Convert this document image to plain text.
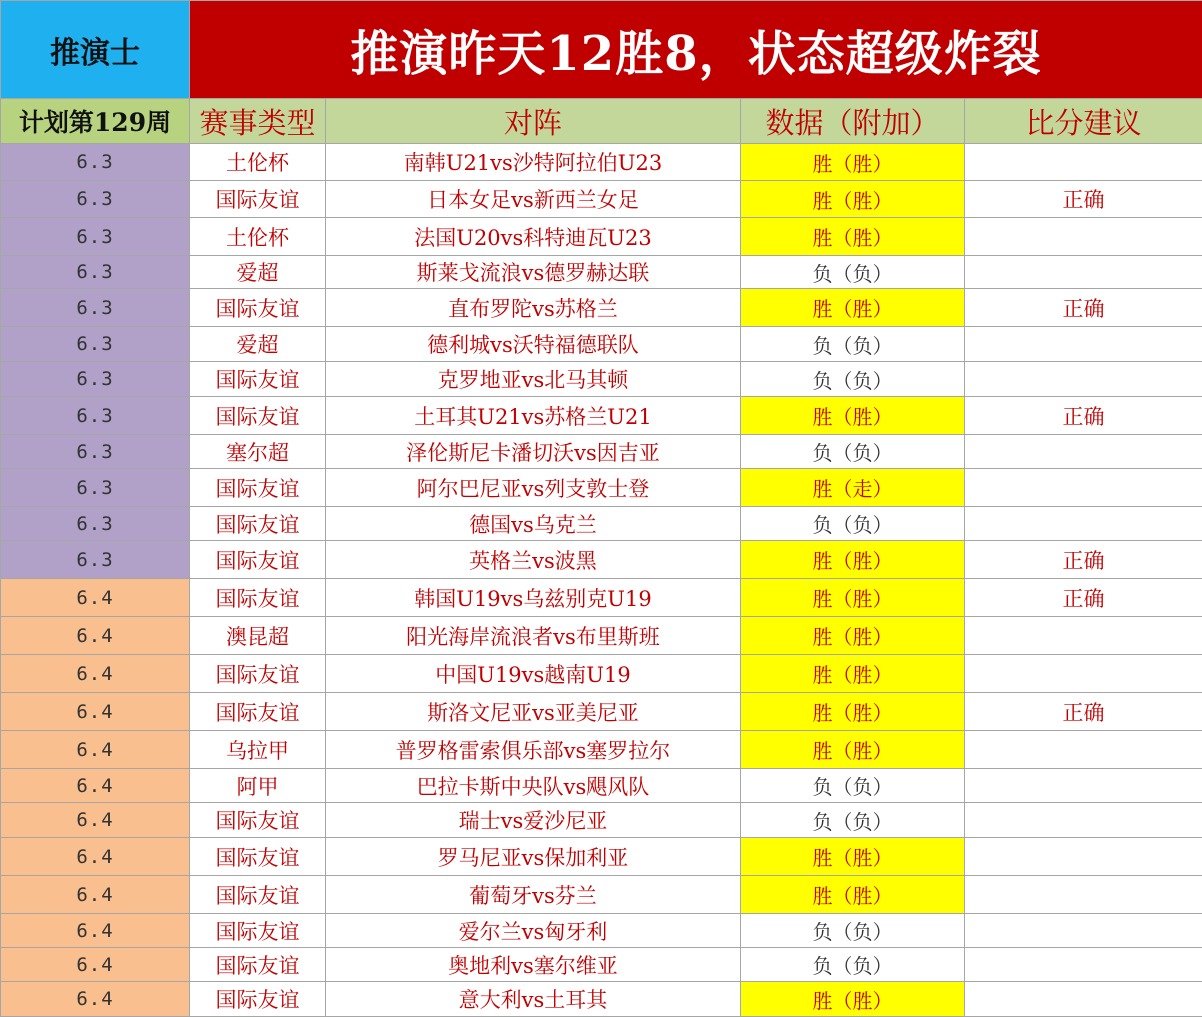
推演士	推演昨天12胜8，状态超级炸裂			
计划第129周	赛事类型	对阵	数据（附加）	比分建议
6.3	土伦杯	南韩U21vs沙特阿拉伯U23	胜（胜）	
6.3	国际友谊	日本女足vs新西兰女足	胜（胜）	正确
6.3	土伦杯	法国U20vs科特迪瓦U23	胜（胜）	
6.3	爱超	斯莱戈流浪vs德罗赫达联	负（负）	
6.3	国际友谊	直布罗陀vs苏格兰	胜（胜）	正确
6.3	爱超	德利城vs沃特福德联队	负（负）	
6.3	国际友谊	克罗地亚vs北马其顿	负（负）	
6.3	国际友谊	土耳其U21vs苏格兰U21	胜（胜）	正确
6.3	塞尔超	泽伦斯尼卡潘切沃vs因吉亚	负（负）	
6.3	国际友谊	阿尔巴尼亚vs列支敦士登	胜（走）	
6.3	国际友谊	德国vs乌克兰	负（负）	
6.3	国际友谊	英格兰vs波黑	胜（胜）	正确
6.4	国际友谊	韩国U19vs乌兹别克U19	胜（胜）	正确
6.4	澳昆超	阳光海岸流浪者vs布里斯班	胜（胜）	
6.4	国际友谊	中国U19vs越南U19	胜（胜）	
6.4	国际友谊	斯洛文尼亚vs亚美尼亚	胜（胜）	正确
6.4	乌拉甲	普罗格雷索俱乐部vs塞罗拉尔	胜（胜）	
6.4	阿甲	巴拉卡斯中央队vs飓风队	负（负）	
6.4	国际友谊	瑞士vs爱沙尼亚	负（负）	
6.4	国际友谊	罗马尼亚vs保加利亚	胜（胜）	
6.4	国际友谊	葡萄牙vs芬兰	胜（胜）	
6.4	国际友谊	爱尔兰vs匈牙利	负（负）	
6.4	国际友谊	奥地利vs塞尔维亚	负（负）	
6.4	国际友谊	意大利vs土耳其	胜（胜）	
